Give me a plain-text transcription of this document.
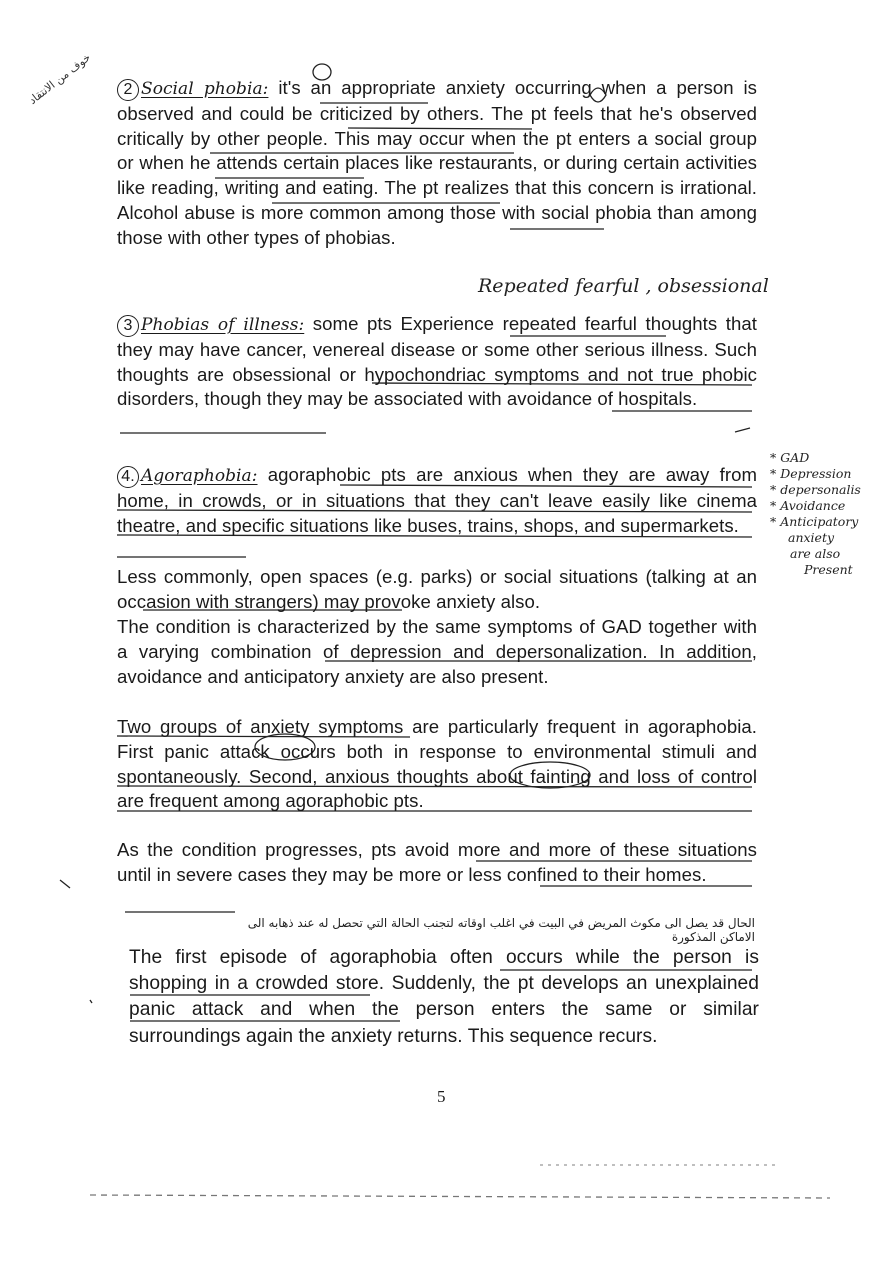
2 Social phobia: it's an appropriate anxiety occurring when a person is observed and could be criticized by others. The pt feels that he's observed critically by other people. This may occur when the pt enters a social group or when he attends certain places like restaurants, or during certain activities like reading, writing and eating. The pt realizes that this concern is irrational. Alcohol abuse is more common among those with social phobia than among those with other types of phobias.
Repeated fearful , obsessional
3 Phobias of illness: some pts Experience repeated fearful thoughts that they may have cancer, venereal disease or some other serious illness. Such thoughts are obsessional or hypochondriac symptoms and not true phobic disorders, though they may be associated with avoidance of hospitals.
4. Agoraphobia: agoraphobic pts are anxious when they are away from home, in crowds, or in situations that they can't leave easily like cinema theatre, and specific situations like buses, trains, shops, and supermarkets.
Less commonly, open spaces (e.g. parks) or social situations (talking at an occasion with strangers) may provoke anxiety also.
The condition is characterized by the same symptoms of GAD together with a varying combination of depression and depersonalization. In addition, avoidance and anticipatory anxiety are also present.
Two groups of anxiety symptoms are particularly frequent in agoraphobia. First panic attack occurs both in response to environmental stimuli and spontaneously. Second, anxious thoughts about fainting and loss of control are frequent among agoraphobic pts.
As the condition progresses, pts avoid more and more of these situations until in severe cases they may be more or less confined to their homes.
الحال قد يصل الى مكوث المريض في البيت في اغلب اوقاته لتجنب الحالة التي تحصل له عند ذهابه الى الاماكن المذكورة
The first episode of agoraphobia often occurs while the person is shopping in a crowded store. Suddenly, the pt develops an unexplained panic attack and when the person enters the same or similar surroundings again the anxiety returns. This sequence recurs.
* GAD
* Depression
* depersonalis
* Avoidance
* Anticipatory
anxiety
are also
Present
خوف من الانتقاد
5
